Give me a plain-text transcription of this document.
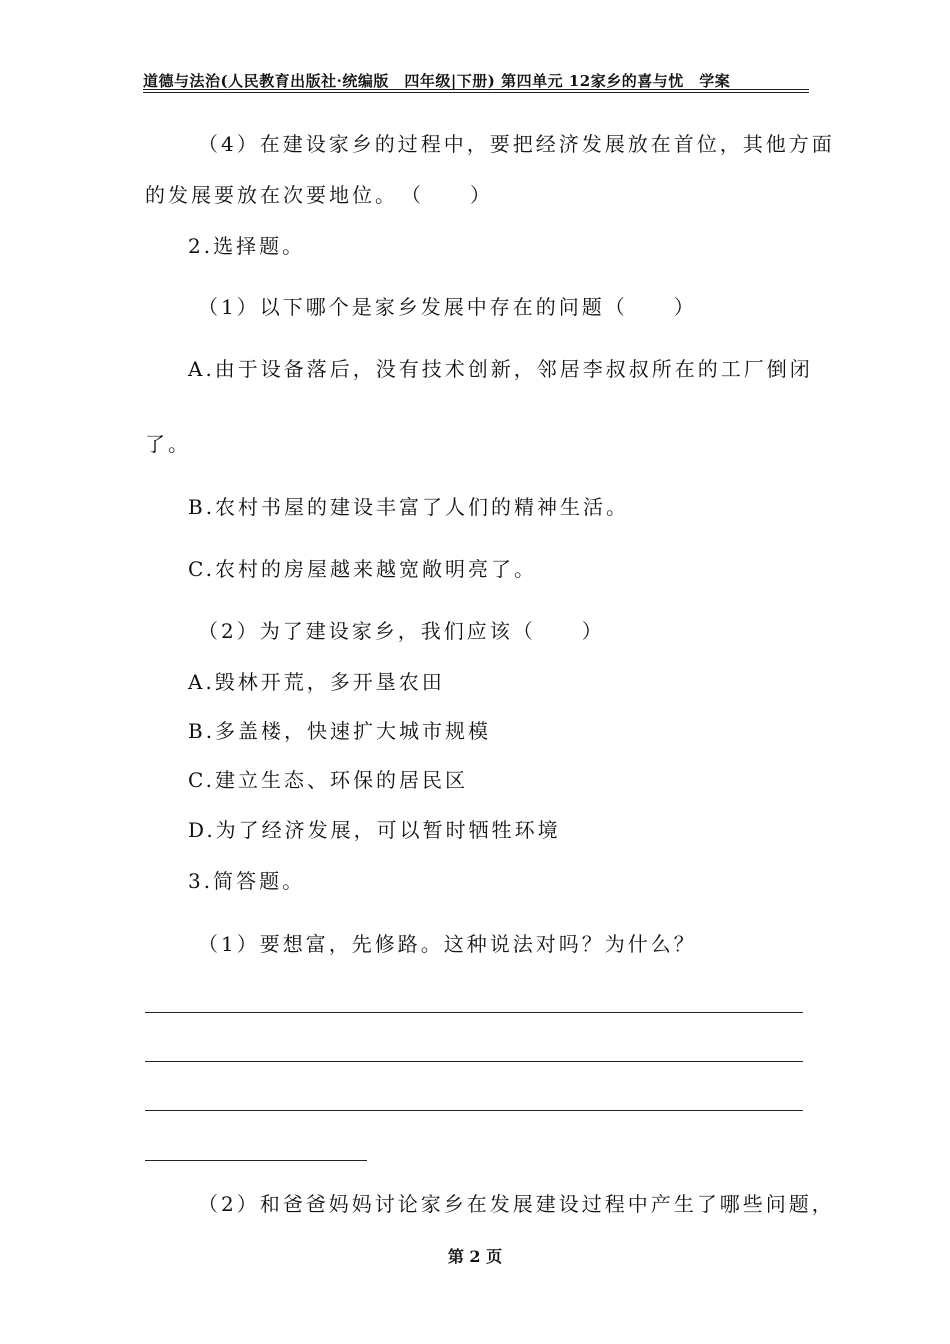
道德与法治(人民教育出版社·统编版　四年级|下册) 第四单元 12家乡的喜与忧　学案
（4）在建设家乡的过程中，要把经济发展放在首位，其他方面
的发展要放在次要地位。　（　　）
2.选择题。
（1）以下哪个是家乡发展中存在的问题（　　）
A.由于设备落后，没有技术创新，邻居李叔叔所在的工厂倒闭
了。
B.农村书屋的建设丰富了人们的精神生活。
C.农村的房屋越来越宽敞明亮了。
（2）为了建设家乡，我们应该（　　）
A.毁林开荒，多开垦农田
B.多盖楼，快速扩大城市规模
C.建立生态、环保的居民区
D.为了经济发展，可以暂时牺牲环境
3.简答题。
（1）要想富，先修路。这种说法对吗？为什么？
（2）和爸爸妈妈讨论家乡在发展建设过程中产生了哪些问题，
第 2 页
